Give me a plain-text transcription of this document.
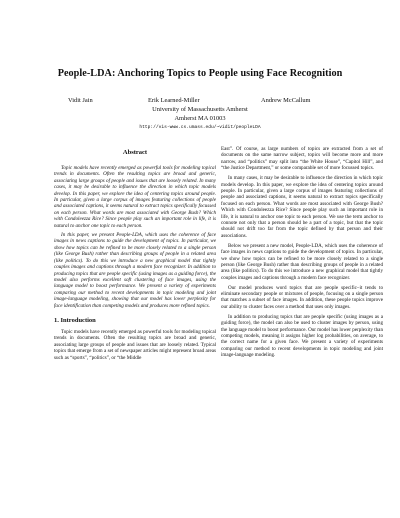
People-LDA: Anchoring Topics to People using Face Recognition
Vidit Jain	Erik Learned-Miller	Andrew McCallum
University of Massachusetts Amherst
Amherst MA 01003
http://vis-www.cs.umass.edu/~vidit/peopleLDA
Abstract

Topic models have recently emerged as powerful tools for modeling topical trends in documents. Often the resulting topics are broad and generic, associating large groups of people and issues that are loosely related. In many cases, it may be desirable to influence the direction in which topic models develop. In this paper, we explore the idea of centering topics around people. In particular, given a large corpus of images featuring collections of people and associated captions, it seems natural to extract topics specifically focussed on each person. What words are most associated with George Bush? Which with Condoleezza Rice? Since people play such an important role in life, it is natural to anchor one topic to each person.

In this paper, we present People-LDA, which uses the coherence of face images in news captions to guide the development of topics. In particular, we show how topics can be refined to be more closely related to a single person (like George Bush) rather than describing groups of people in a related area (like politics). To do this we introduce a new graphical model that tightly couples images and captions through a modern face recognizer. In addition to producing topics that are people specific (using images as a guiding force), the model also performs excellent soft clustering of face images, using the language model to boost performance. We present a variety of experiments comparing our method to recent developments in topic modeling and joint image-language modeling, showing that our model has lower perplexity for face identification than competing models and produces more refined topics.

1. Introduction

Topic models have recently emerged as powerful tools for modeling topical trends in documents. Often the resulting topics are broad and generic, associating large groups of people and issues that are loosely related. Typical topics that emerge from a set of newspaper articles might represent broad areas such as “sports”, “politics”, or “the Middle

East”. Of course, as large numbers of topics are extracted from a set of documents on the same narrow subject, topics will become more and more narrow, and “politics” may split into “the White House”, “Capitol Hill”, and “the Justice Department,” or some comparable set of more focussed topics.

In many cases, it may be desirable to influence the direction in which topic models develop. In this paper, we explore the idea of centering topics around people. In particular, given a large corpus of images featuring collections of people and associated captions, it seems natural to extract topics specifically focused on each person. What words are most associated with George Bush? Which with Condoleezza Rice? Since people play such an important role in life, it is natural to anchor one topic to each person. We use the term anchor to connote not only that a person should be a part of a topic, but that the topic should not drift too far from the topic defined by that person and their associations.

Below we present a new model, People-LDA, which uses the coherence of face images in news captions to guide the development of topics. In particular, we show how topics can be refined to be more closely related to a single person (like George Bush) rather than describing groups of people in a related area (like politics). To do this we introduce a new graphical model that tightly couples images and captions through a modern face recognizer.

Our model produces word topics that are people specific–it tends to eliminate secondary people or mixtures of people, focusing on a single person that matches a subset of face images. In addition, these people topics improve our ability to cluster faces over a method that uses only images.

In addition to producing topics that are people specific (using images as a guiding force), the model can also be used to cluster images by person, using the language model to boost performance. Our model has lower perplexity than competing models, meaning it assigns higher log probabilities, on average, to the correct name for a given face. We present a variety of experiments comparing our method to recent developments in topic modeling and joint image-language modeling.
